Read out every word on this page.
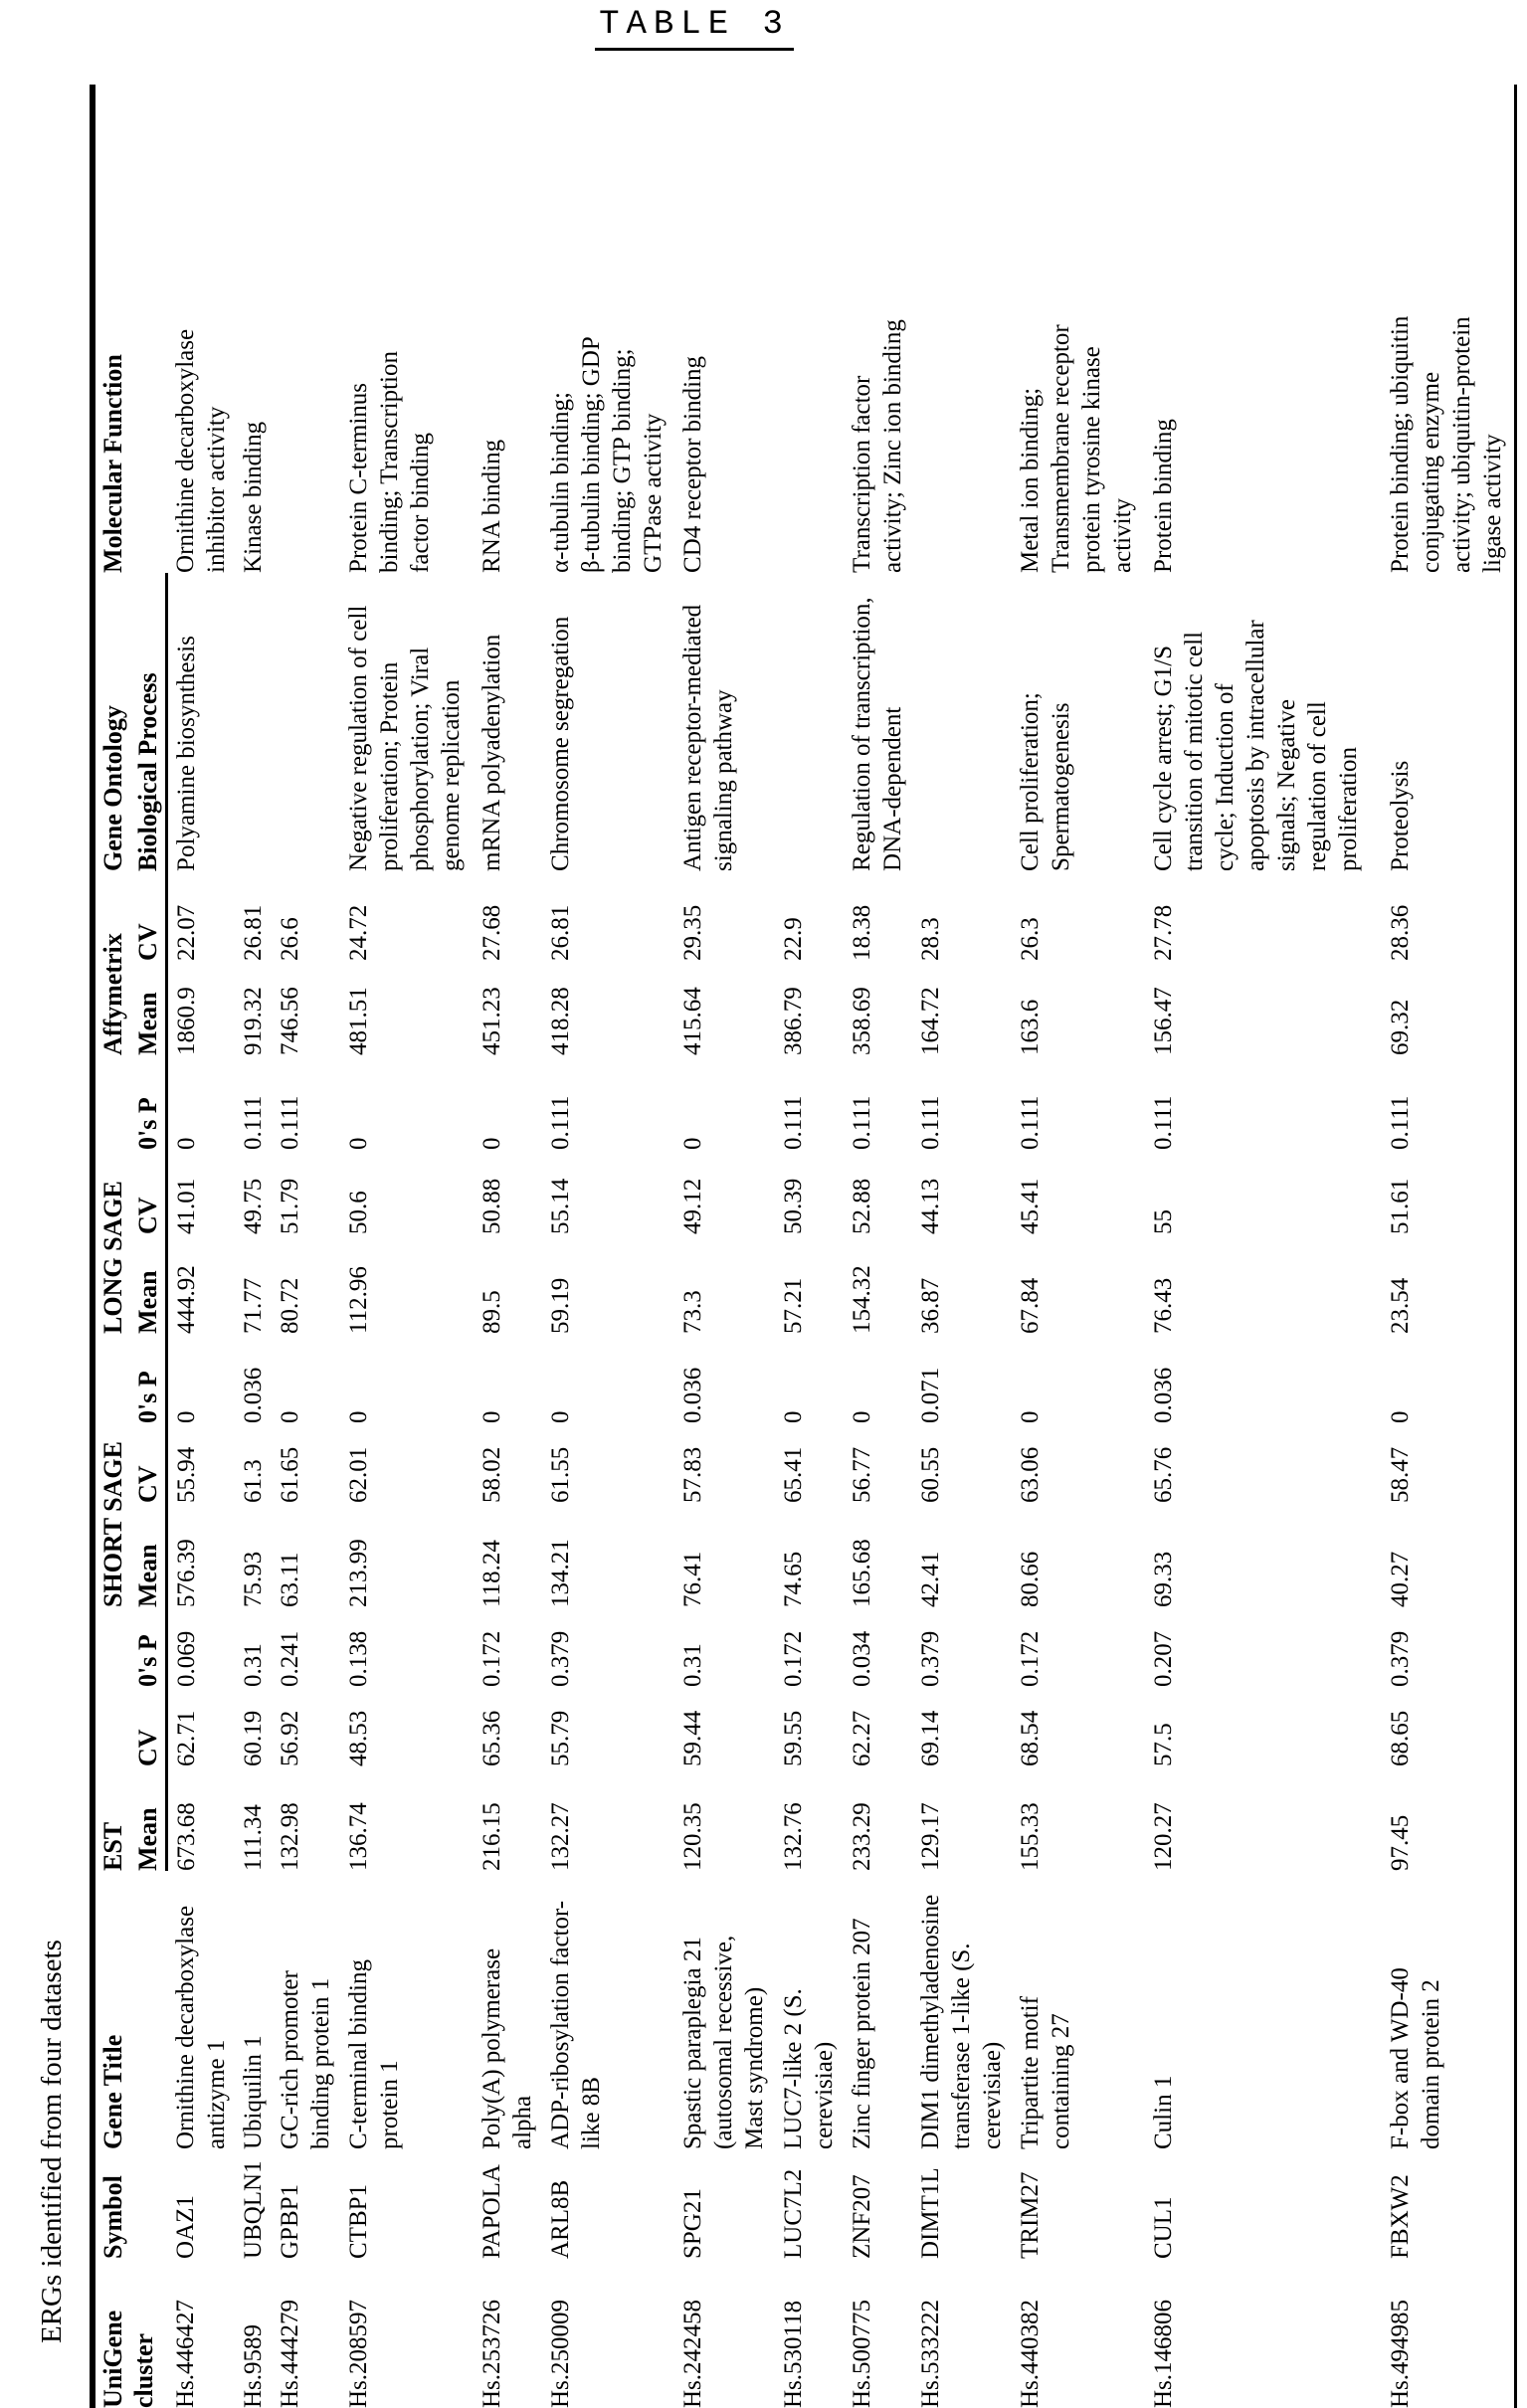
TABLE 3
ERGs identified from four datasets
UniGene
cluster	Symbol	Gene Title	EST			SHORT SAGE			LONG SAGE			Affymetrix		Gene Ontology	Molecular Function
			Mean	CV	0's P	Mean	CV	0's P	Mean	CV	0's P	Mean	CV	Biological Process	
Hs.446427	OAZ1	Ornithine decarboxylase
antizyme 1	673.68	62.71	0.069	576.39	55.94	0	444.92	41.01	0	1860.9	22.07	Polyamine biosynthesis	Ornithine decarboxylase
inhibitor activity
Hs.9589	UBQLN1	Ubiquilin 1	111.34	60.19	0.31	75.93	61.3	0.036	71.77	49.75	0.111	919.32	26.81		Kinase binding
Hs.444279	GPBP1	GC-rich promoter
binding protein 1	132.98	56.92	0.241	63.11	61.65	0	80.72	51.79	0.111	746.56	26.6		
Hs.208597	CTBP1	C-terminal binding
protein 1	136.74	48.53	0.138	213.99	62.01	0	112.96	50.6	0	481.51	24.72	Negative regulation of cell
proliferation; Protein
phosphorylation; Viral
genome replication	Protein C-terminus
binding; Transcription
factor binding
Hs.253726	PAPOLA	Poly(A) polymerase
alpha	216.15	65.36	0.172	118.24	58.02	0	89.5	50.88	0	451.23	27.68	mRNA polyadenylation	RNA binding
Hs.250009	ARL8B	ADP-ribosylation factor-
like 8B	132.27	55.79	0.379	134.21	61.55	0	59.19	55.14	0.111	418.28	26.81	Chromosome segregation	α-tubulin binding;
β-tubulin binding; GDP
binding; GTP binding;
GTPase activity
Hs.242458	SPG21	Spastic paraplegia 21
(autosomal recessive,
Mast syndrome)	120.35	59.44	0.31	76.41	57.83	0.036	73.3	49.12	0	415.64	29.35	Antigen receptor-mediated
signaling pathway	CD4 receptor binding
Hs.530118	LUC7L2	LUC7-like 2 (S.
cerevisiae)	132.76	59.55	0.172	74.65	65.41	0	57.21	50.39	0.111	386.79	22.9		
Hs.500775	ZNF207	Zinc finger protein 207	233.29	62.27	0.034	165.68	56.77	0	154.32	52.88	0.111	358.69	18.38	Regulation of transcription,
DNA-dependent	Transcription factor
activity; Zinc ion binding
Hs.533222	DIMT1L	DIM1 dimethyladenosine
transferase 1-like (S.
cerevisiae)	129.17	69.14	0.379	42.41	60.55	0.071	36.87	44.13	0.111	164.72	28.3		
Hs.440382	TRIM27	Tripartite motif
containing 27	155.33	68.54	0.172	80.66	63.06	0	67.84	45.41	0.111	163.6	26.3	Cell proliferation;
Spermatogenesis	Metal ion binding;
Transmembrane receptor
protein tyrosine kinase
activity
Hs.146806	CUL1	Culin 1	120.27	57.5	0.207	69.33	65.76	0.036	76.43	55	0.111	156.47	27.78	Cell cycle arrest; G1/S
transition of mitotic cell
cycle; Induction of
apoptosis by intracellular
signals; Negative
regulation of cell
proliferation	Protein binding
Hs.494985	FBXW2	F-box and WD-40
domain protein 2	97.45	68.65	0.379	40.27	58.47	0	23.54	51.61	0.111	69.32	28.36	Proteolysis	Protein binding; ubiquitin
conjugating enzyme
activity; ubiquitin-protein
ligase activity
